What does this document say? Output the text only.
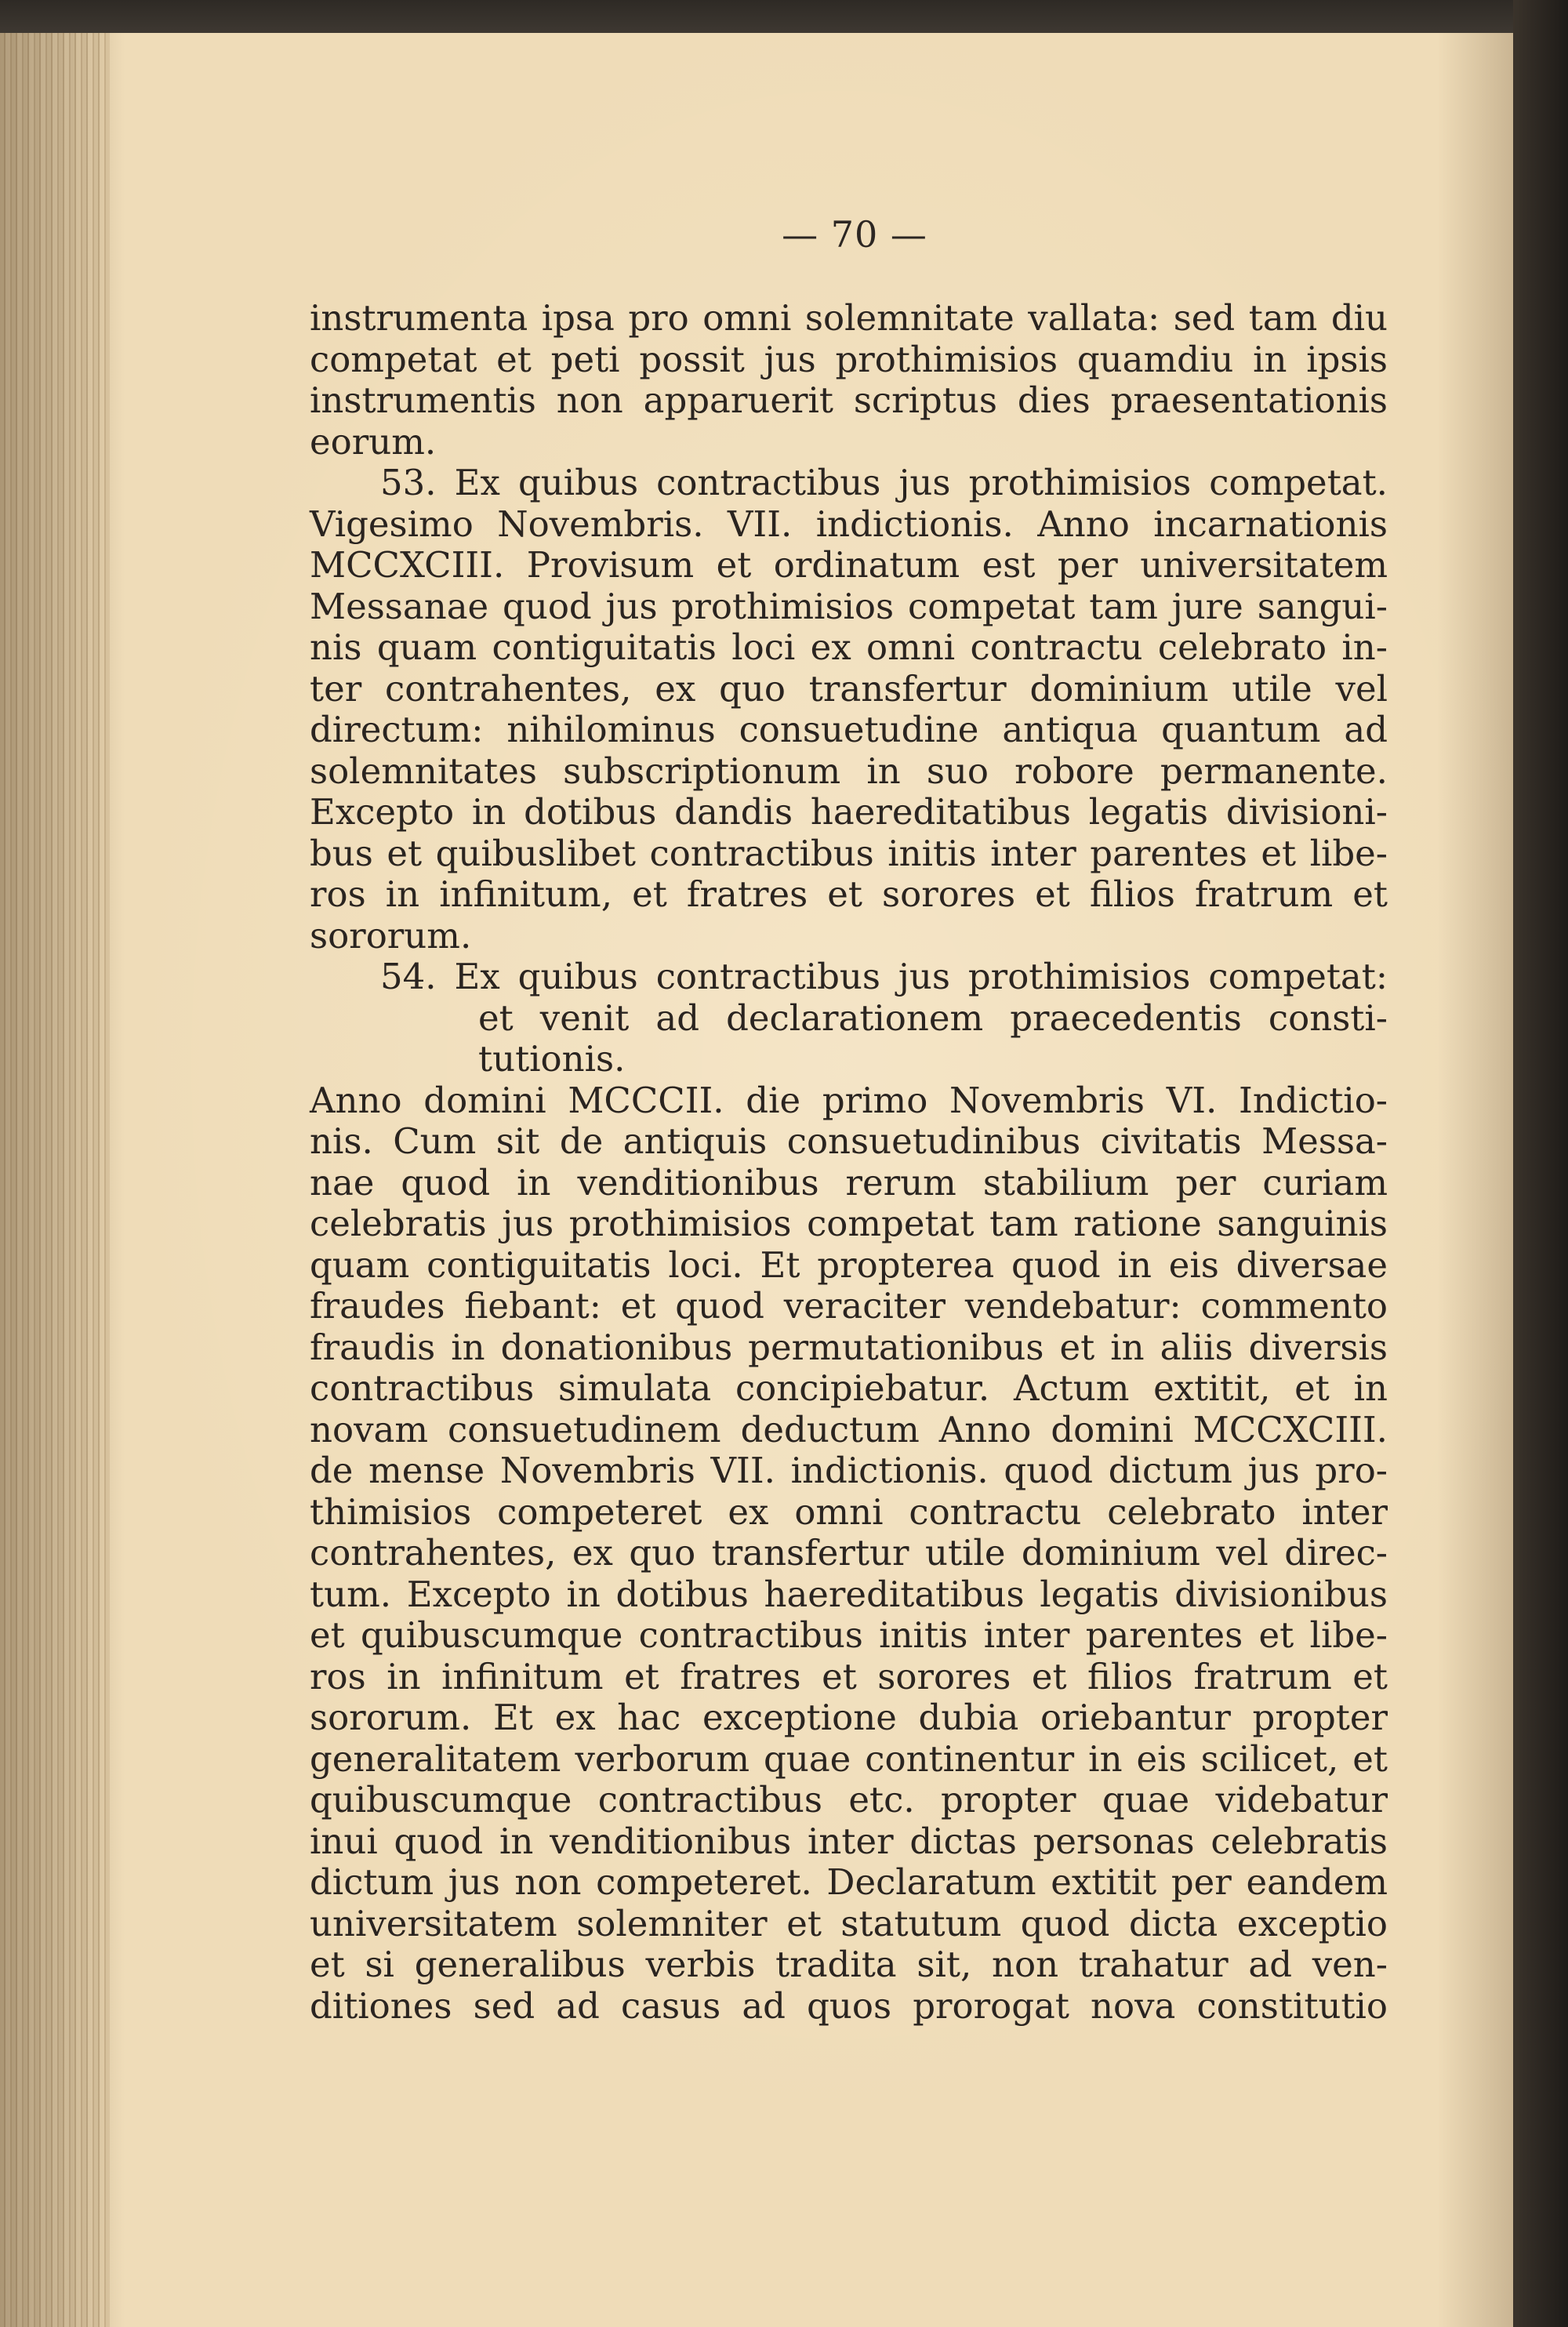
— 70 —
instrumenta ipsa pro omni solemnitate vallata: sed tam diu
competat et peti possit jus prothimisios quamdiu in ipsis
instrumentis non apparuerit scriptus dies praesentationis
eorum.
53. Ex quibus contractibus jus prothimisios competat.
Vigesimo Novembris. VII. indictionis. Anno incarnationis
MCCXCIII. Provisum et ordinatum est per universitatem
Messanae quod jus prothimisios competat tam jure sangui-
nis quam contiguitatis loci ex omni contractu celebrato in-
ter contrahentes, ex quo transfertur dominium utile vel
directum: nihilominus consuetudine antiqua quantum ad
solemnitates subscriptionum in suo robore permanente.
Excepto in dotibus dandis haereditatibus legatis divisioni-
bus et quibuslibet contractibus initis inter parentes et libe-
ros in infinitum, et fratres et sorores et filios fratrum et
sororum.
54. Ex quibus contractibus jus prothimisios competat:
et venit ad declarationem praecedentis consti-
tutionis.
Anno domini MCCCII. die primo Novembris VI. Indictio-
nis. Cum sit de antiquis consuetudinibus civitatis Messa-
nae quod in venditionibus rerum stabilium per curiam
celebratis jus prothimisios competat tam ratione sanguinis
quam contiguitatis loci. Et propterea quod in eis diversae
fraudes fiebant: et quod veraciter vendebatur: commento
fraudis in donationibus permutationibus et in aliis diversis
contractibus simulata concipiebatur. Actum extitit, et in
novam consuetudinem deductum Anno domini MCCXCIII.
de mense Novembris VII. indictionis. quod dictum jus pro-
thimisios competeret ex omni contractu celebrato inter
contrahentes, ex quo transfertur utile dominium vel direc-
tum. Excepto in dotibus haereditatibus legatis divisionibus
et quibuscumque contractibus initis inter parentes et libe-
ros in infinitum et fratres et sorores et filios fratrum et
sororum. Et ex hac exceptione dubia oriebantur propter
generalitatem verborum quae continentur in eis scilicet, et
quibuscumque contractibus etc. propter quae videbatur
inui quod in venditionibus inter dictas personas celebratis
dictum jus non competeret. Declaratum extitit per eandem
universitatem solemniter et statutum quod dicta exceptio
et si generalibus verbis tradita sit, non trahatur ad ven-
ditiones sed ad casus ad quos prorogat nova constitutio
